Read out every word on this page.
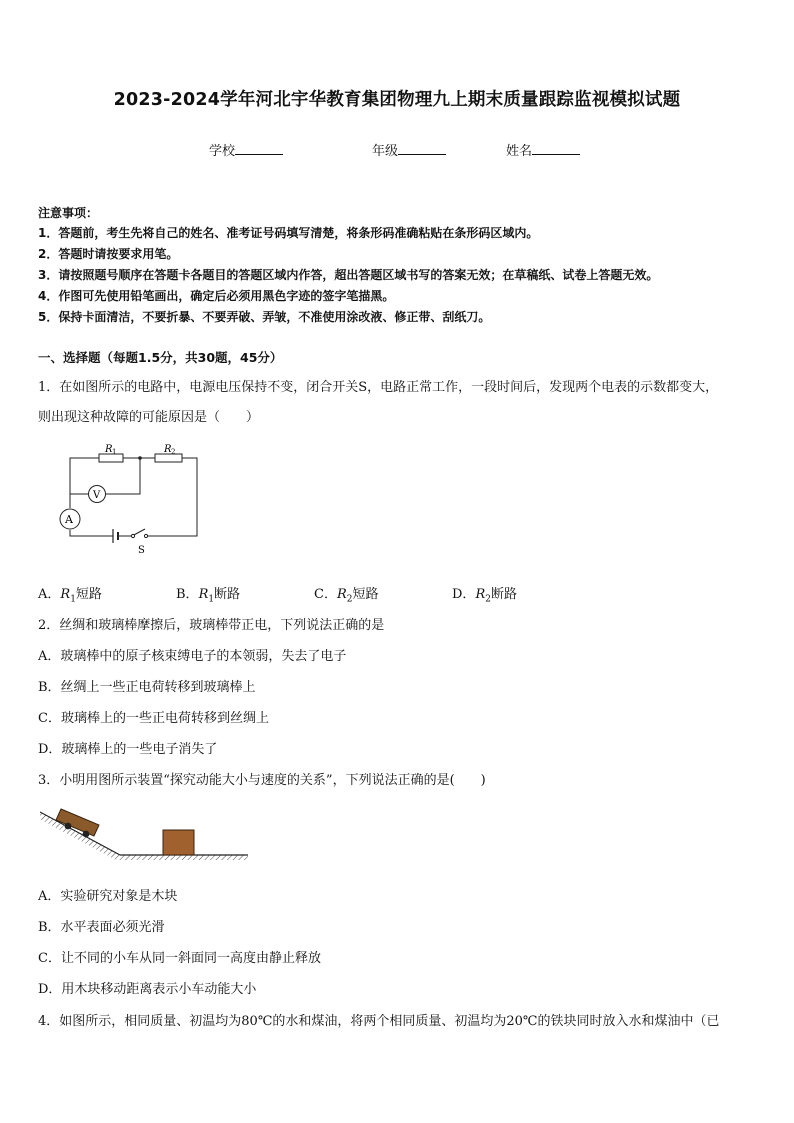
2023-2024学年河北宇华教育集团物理九上期末质量跟踪监视模拟试题
学校	年级	姓名
注意事项：
1．答题前，考生先将自己的姓名、准考证号码填写清楚，将条形码准确粘贴在条形码区域内。
2．答题时请按要求用笔。
3．请按照题号顺序在答题卡各题目的答题区域内作答，超出答题区域书写的答案无效；在草稿纸、试卷上答题无效。
4．作图可先使用铅笔画出，确定后必须用黑色字迹的签字笔描黑。
5．保持卡面清洁，不要折暴、不要弄破、弄皱，不准使用涂改液、修正带、刮纸刀。
一、选择题（每题1.5分，共30题，45分）
1．在如图所示的电路中，电源电压保持不变，闭合开关S，电路正常工作，一段时间后，发现两个电表的示数都变大，
则出现这种故障的可能原因是（　　）
R 1	R 2
V
A
S
A．$R_1$短路	B．$R_1$断路	C．$R_2$短路	D．$R_2$断路
2．丝绸和玻璃棒摩擦后，玻璃棒带正电，下列说法正确的是
A．玻璃棒中的原子核束缚电子的本领弱，失去了电子
B．丝绸上一些正电荷转移到玻璃棒上
C．玻璃棒上的一些正电荷转移到丝绸上
D．玻璃棒上的一些电子消失了
3．小明用图所示装置“探究动能大小与速度的关系”，下列说法正确的是(　　)
A．实验研究对象是木块
B．水平表面必须光滑
C．让不同的小车从同一斜面同一高度由静止释放
D．用木块移动距离表示小车动能大小
4．如图所示，相同质量、初温均为80℃的水和煤油，将两个相同质量、初温均为20℃的铁块同时放入水和煤油中（已
